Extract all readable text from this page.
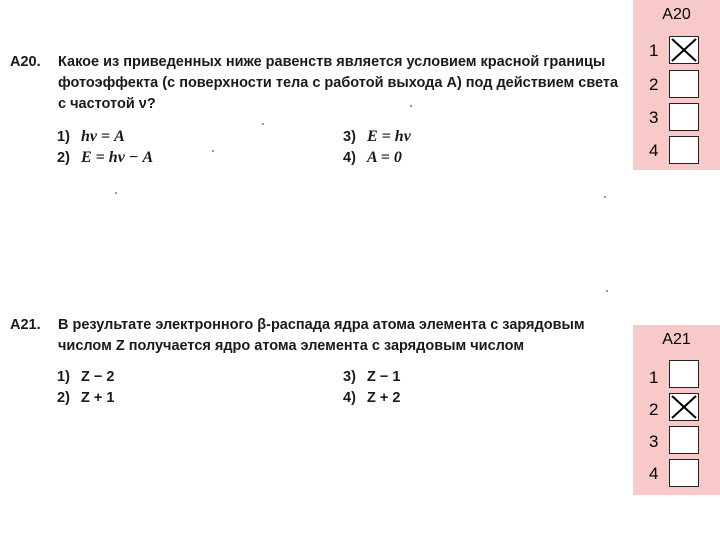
A20. Какое из приведенных ниже равенств является условием красной границы фотоэффекта (с поверхности тела с работой выхода A) под действием света с частотой ν?
1) hν = A	3) E = hν
2) E = hν − A	4) A = 0
A21. В результате электронного β-распада ядра атома элемента с зарядовым числом Z получается ядро атома элемента с зарядовым числом
1) Z − 2	3) Z − 1
2) Z + 1	4) Z + 2
A20
1
2
3
4
A21
1
2
3
4
